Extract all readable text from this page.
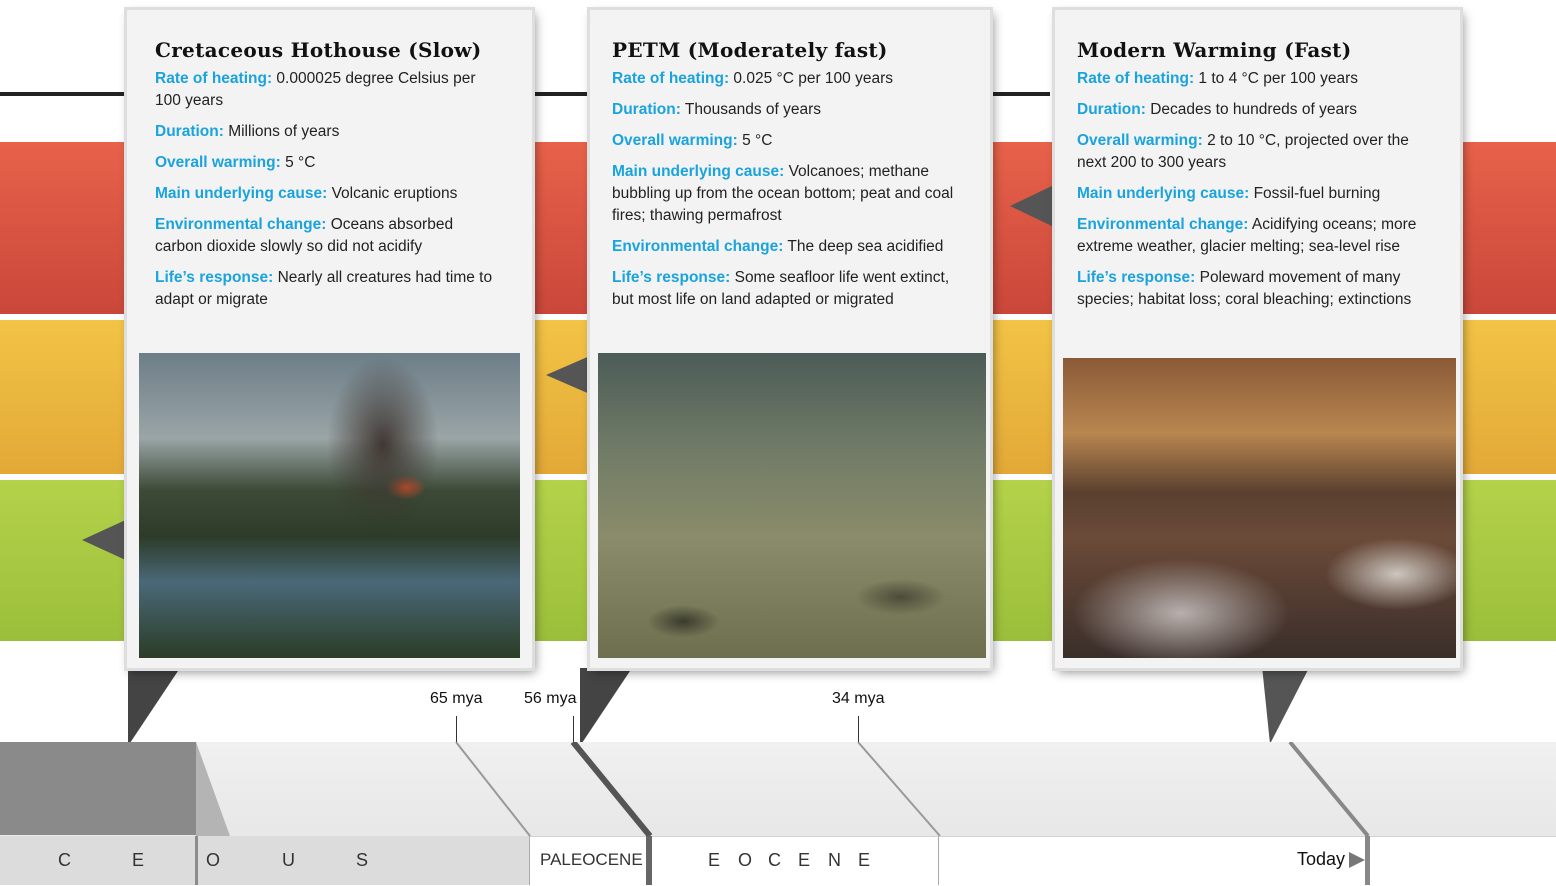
Cretaceous Hothouse (Slow)
Rate of heating: 0.000025 degree Celsius per 100 years
Duration: Millions of years
Overall warming: 5 °C
Main underlying cause: Volcanic eruptions
Environmental change: Oceans absorbed carbon dioxide slowly so did not acidify
Life’s response: Nearly all creatures had time to adapt or migrate
PETM (Moderately fast)
Rate of heating: 0.025 °C per 100 years
Duration: Thousands of years
Overall warming: 5 °C
Main underlying cause: Volcanoes; methane bubbling up from the ocean bottom; peat and coal fires; thawing permafrost
Environmental change: The deep sea acidified
Life’s response: Some seafloor life went extinct, but most life on land adapted or migrated
Modern Warming (Fast)
Rate of heating: 1 to 4 °C per 100 years
Duration: Decades to hundreds of years
Overall warming: 2 to 10 °C, projected over the next 200 to 300 years
Main underlying cause: Fossil-fuel burning
Environmental change: Acidifying oceans; more extreme weather, glacier melting; sea-level rise
Life’s response: Poleward movement of many species; habitat loss; coral bleaching; extinctions
65 mya	56 mya	34 mya
C	E	O	U	S	PALEOCENE	E O C E N E	Today
